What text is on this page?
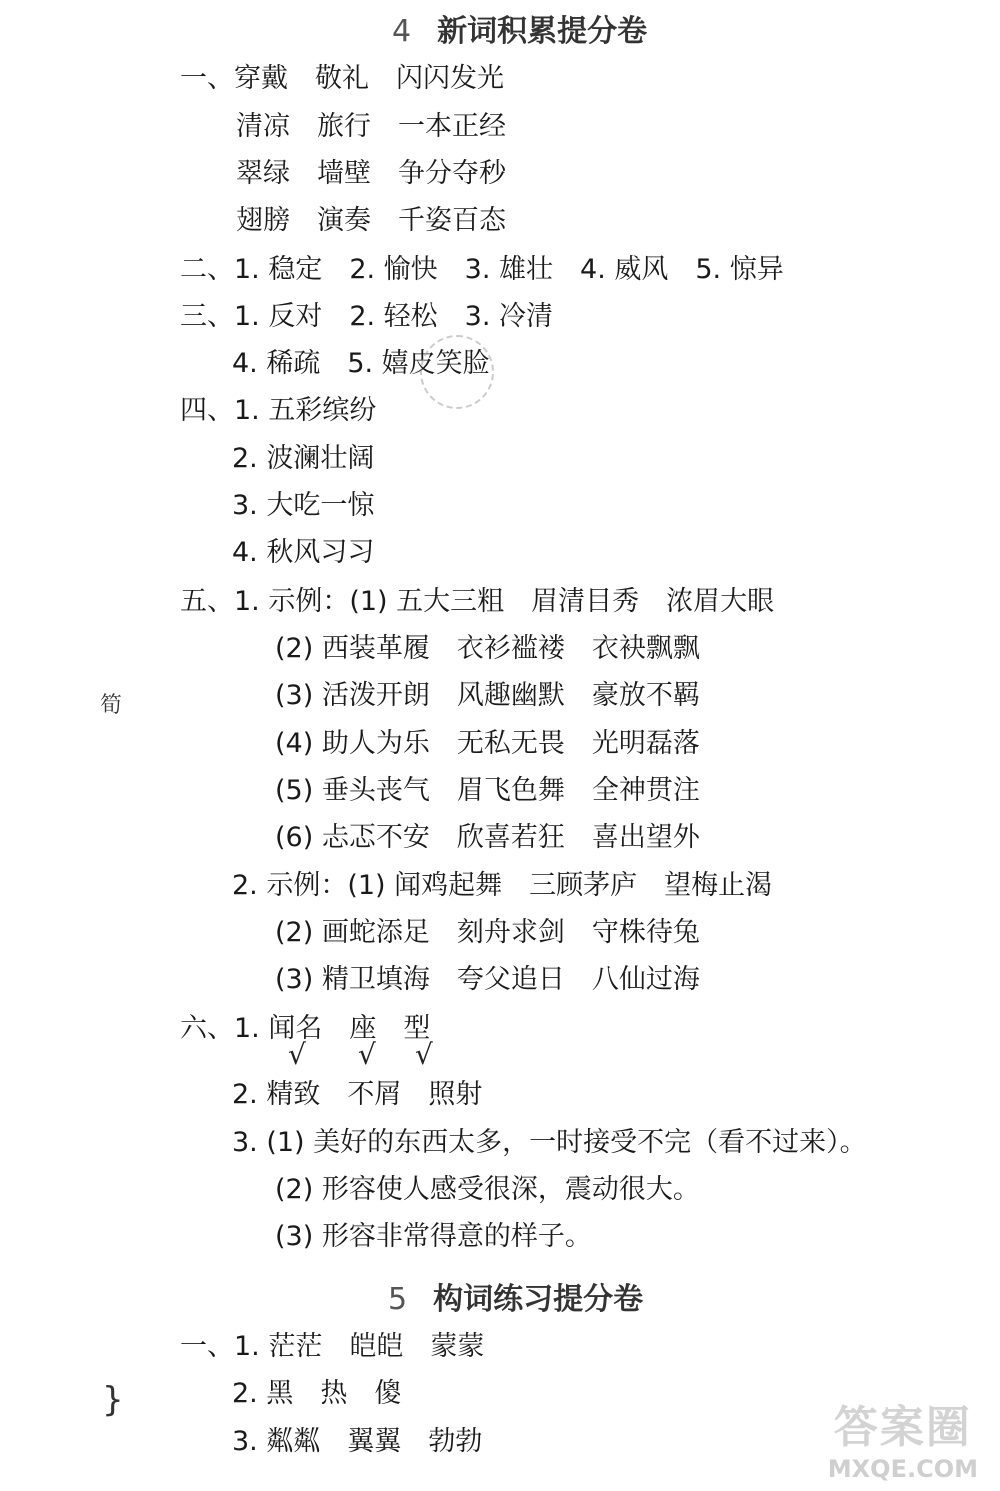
4 新词积累提分卷
一、穿戴　敬礼　闪闪发光
清凉　旅行　一本正经
翠绿　墙壁　争分夺秒
翅膀　演奏　千姿百态
二、1. 稳定　2. 愉快　3. 雄壮　4. 威风　5. 惊异
三、1. 反对　2. 轻松　3. 冷清
4. 稀疏　5. 嬉皮笑脸
四、1. 五彩缤纷
2. 波澜壮阔
3. 大吃一惊
4. 秋风习习
五、1. 示例：(1) 五大三粗　眉清目秀　浓眉大眼
(2) 西装革履　衣衫褴褛　衣袂飘飘
(3) 活泼开朗　风趣幽默　豪放不羁
(4) 助人为乐　无私无畏　光明磊落
(5) 垂头丧气　眉飞色舞　全神贯注
(6) 忐忑不安　欣喜若狂　喜出望外
2. 示例：(1) 闻鸡起舞　三顾茅庐　望梅止渴
(2) 画蛇添足　刻舟求剑　守株待兔
(3) 精卫填海　夸父追日　八仙过海
六、1. 闻名　座　型
√ √ √
2. 精致　不屑　照射
3. (1) 美好的东西太多，一时接受不完（看不过来）。
(2) 形容使人感受很深，震动很大。
(3) 形容非常得意的样子。
5 构词练习提分卷
一、1. 茫茫　皑皑　蒙蒙
2. 黑　热　傻
3. 粼粼　翼翼　勃勃
筍
}
答案圈
MXQE.COM
